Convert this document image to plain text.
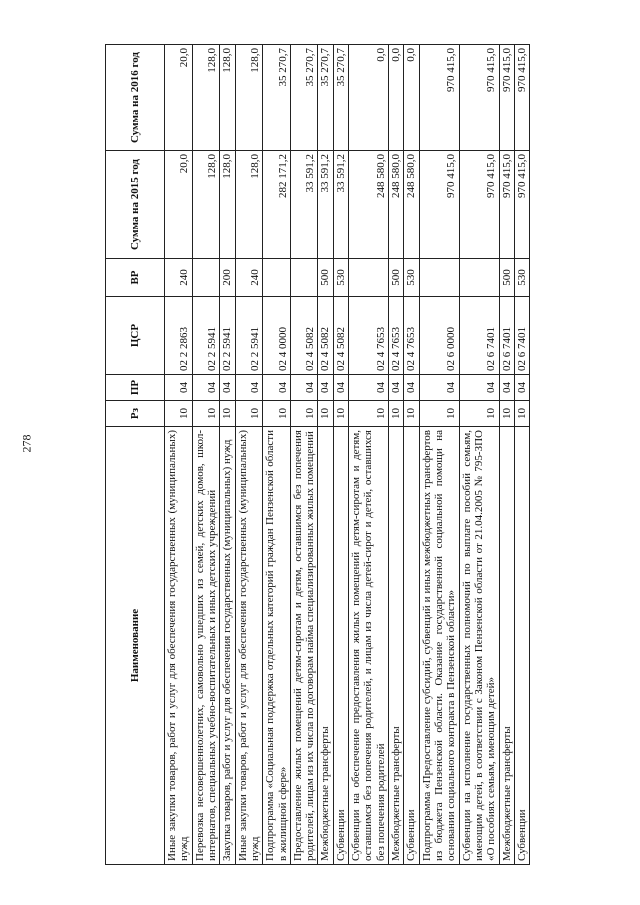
278
Наименование	Рз	ПР	ЦСР	ВР	Сумма на 2015 год	Сумма на 2016 год
Иные закупки товаров, работ и услуг для обеспечения государственных (муниципальных) нужд	10	04	02 2 2863	240	20,0	20,0
Перевозка несовершеннолетних, самовольно ушедших из семей, детских домов, школ-интернатов, специальных учебно-воспитательных и иных детских учреждений	10	04	02 2 5941		128,0	128,0
Закупка товаров, работ и услуг для обеспечения государственных (муниципальных) нужд	10	04	02 2 5941	200	128,0	128,0
Иные закупки товаров, работ и услуг для обеспечения государственных (муниципальных) нужд	10	04	02 2 5941	240	128,0	128,0
Подпрограмма «Социальная поддержка отдельных категорий граждан Пензенской области в жилищной сфере»	10	04	02 4 0000		282 171,2	35 270,7
Предоставление жилых помещений детям-сиротам и детям, оставшимся без попечения родителей, лицам из их числа по договорам найма специализированных жилых помещений	10	04	02 4 5082		33 591,2	35 270,7
Межбюджетные трансферты	10	04	02 4 5082	500	33 591,2	35 270,7
Субвенции	10	04	02 4 5082	530	33 591,2	35 270,7
Субвенции на обеспечение предоставления жилых помещений детям-сиротам и детям, оставшимся без попечения родителей, и лицам из числа детей-сирот и детей, оставшихся без попечения родителей	10	04	02 4 7653		248 580,0	0,0
Межбюджетные трансферты	10	04	02 4 7653	500	248 580,0	0,0
Субвенции	10	04	02 4 7653	530	248 580,0	0,0
Подпрограмма «Предоставление субсидий, субвенций и иных межбюджетных трансфертов из бюджета Пензенской области. Оказание государственной социальной помощи на основании социального контракта в Пензенской области»	10	04	02 6 0000		970 415,0	970 415,0
Субвенции на исполнение государственных полномочий по выплате пособий семьям, имеющим детей, в соответствии с Законом Пензенской области от 21.04.2005 № 795-ЗПО «О пособиях семьям, имеющим детей»	10	04	02 6 7401		970 415,0	970 415,0
Межбюджетные трансферты	10	04	02 6 7401	500	970 415,0	970 415,0
Субвенции	10	04	02 6 7401	530	970 415,0	970 415,0
